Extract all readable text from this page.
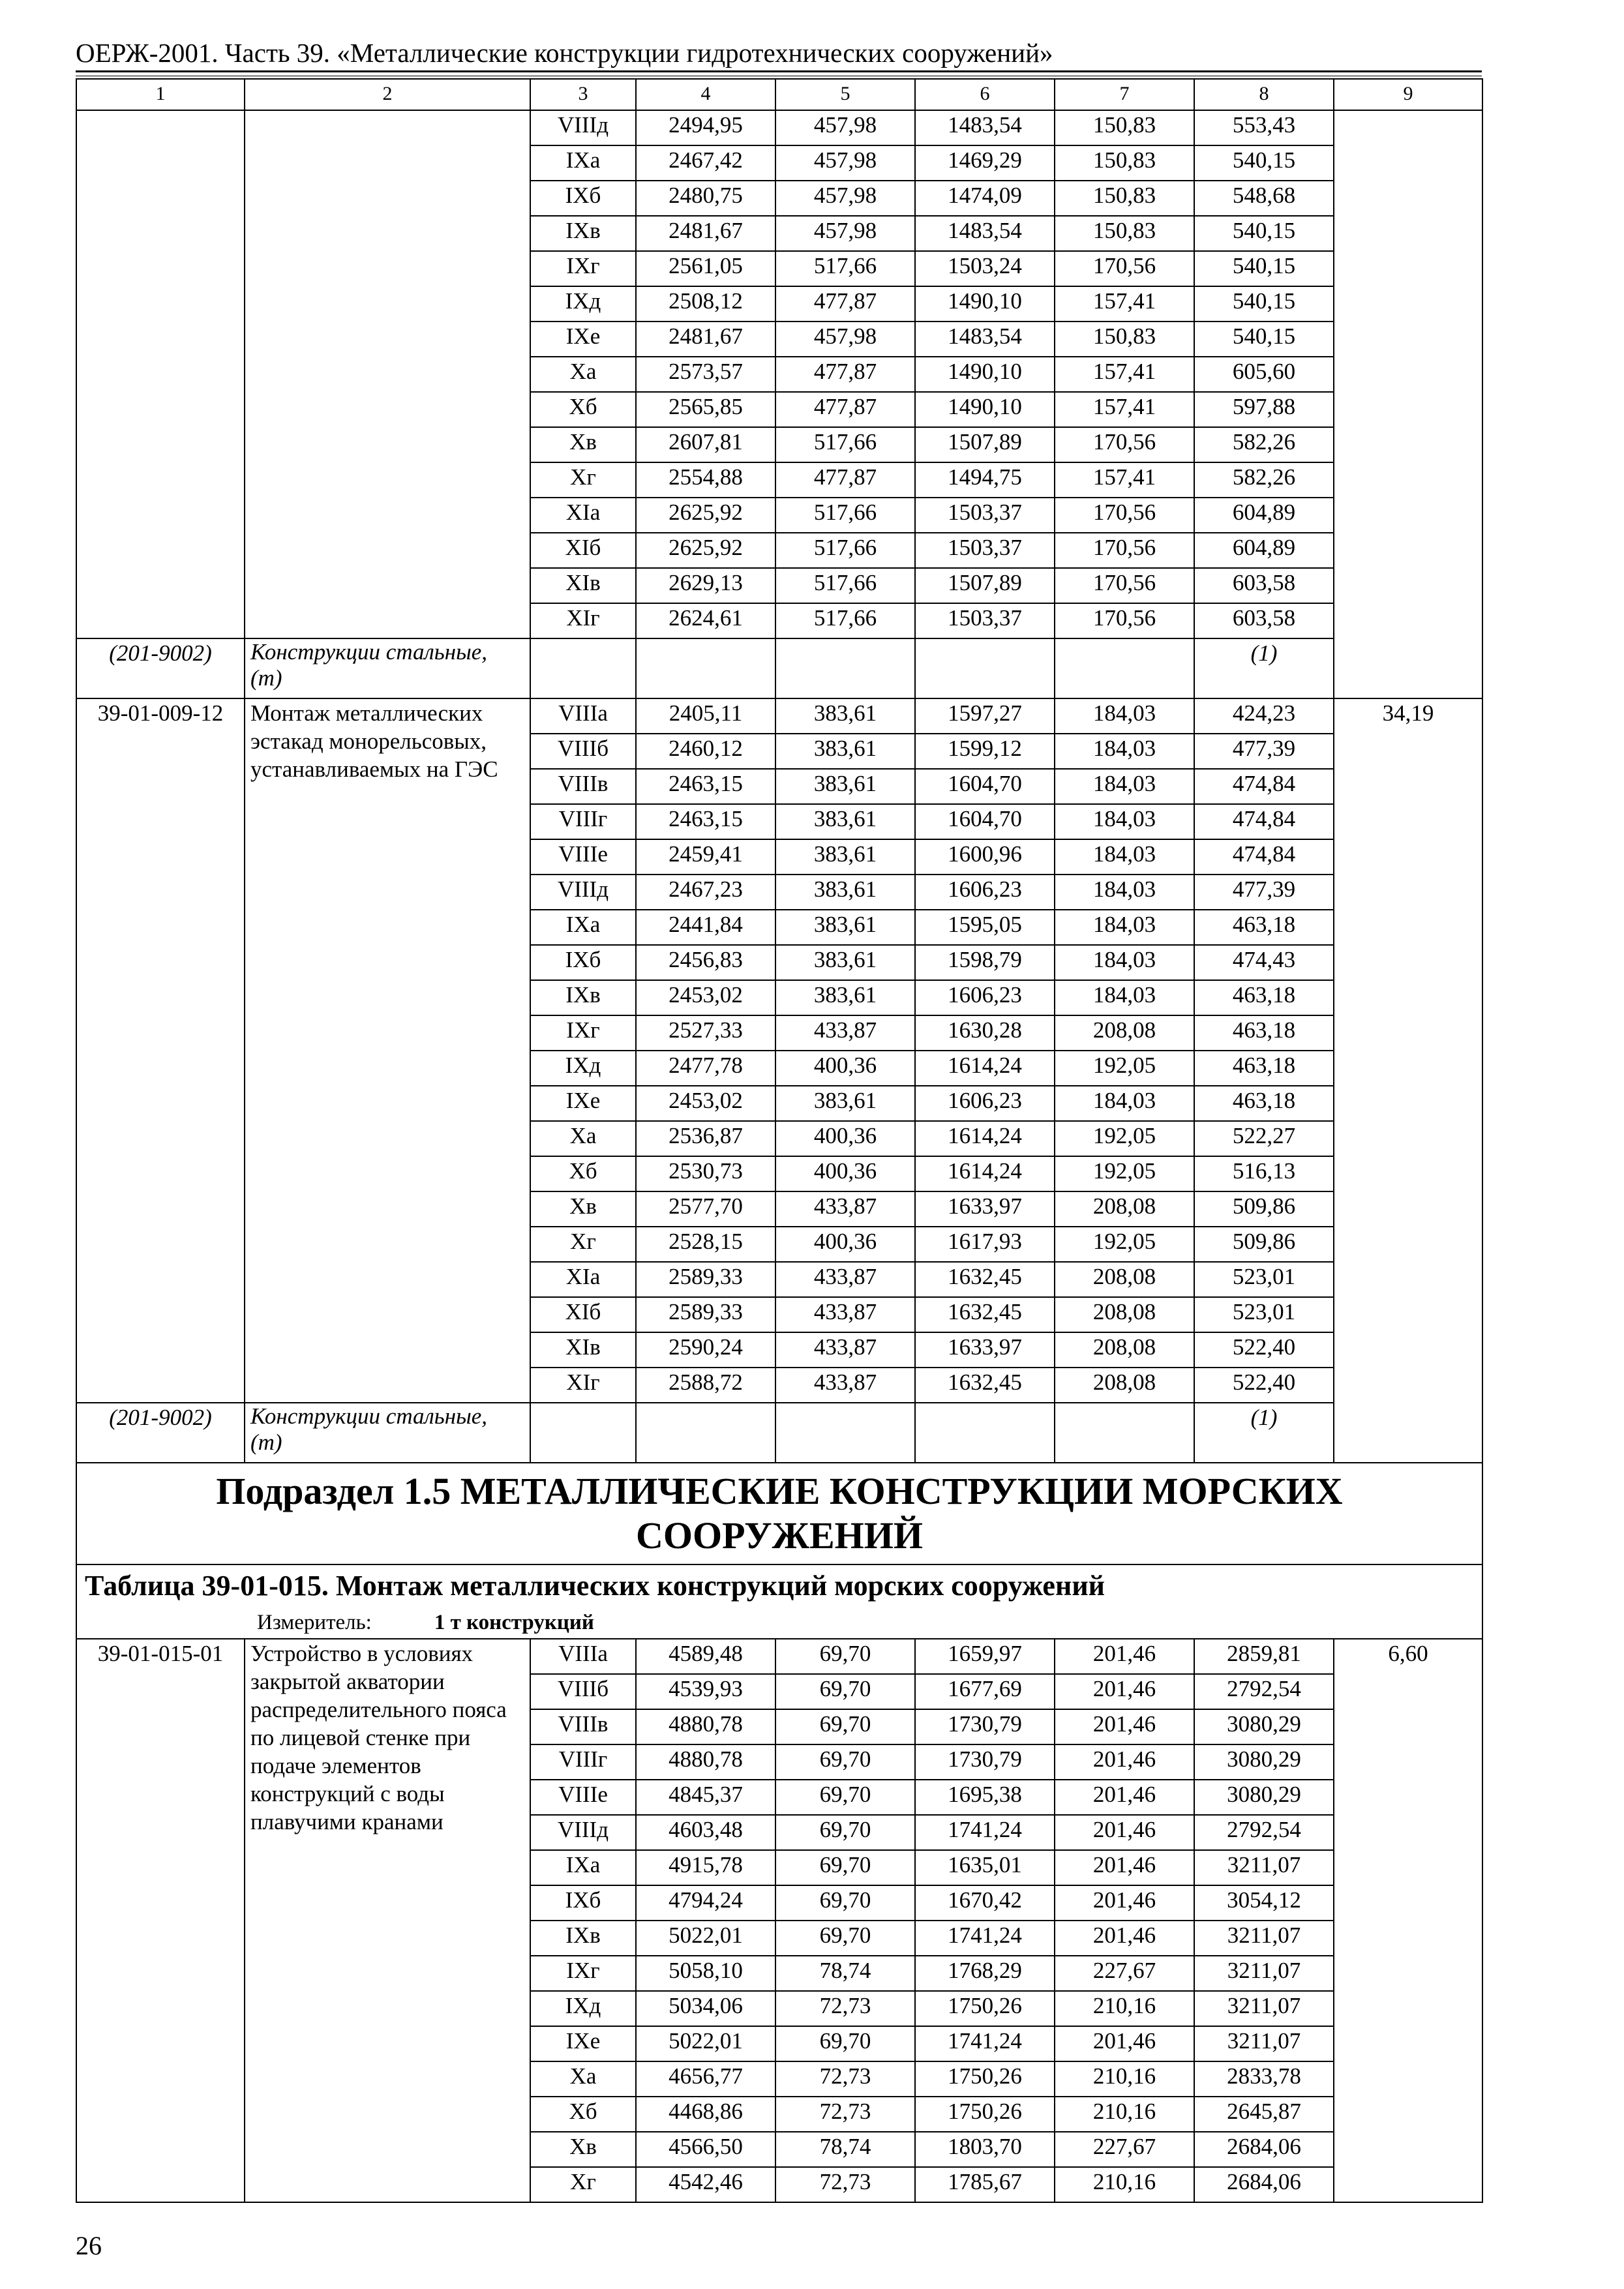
ОЕРЖ-2001. Часть 39. «Металлические конструкции гидротехнических сооружений»
1	2	3	4	5	6	7	8	9
		VIIIд	2494,95	457,98	1483,54	150,83	553,43	
		IXa	2467,42	457,98	1469,29	150,83	540,15	
		IXб	2480,75	457,98	1474,09	150,83	548,68	
		IXв	2481,67	457,98	1483,54	150,83	540,15	
		IXг	2561,05	517,66	1503,24	170,56	540,15	
		IXд	2508,12	477,87	1490,10	157,41	540,15	
		IXe	2481,67	457,98	1483,54	150,83	540,15	
		Xa	2573,57	477,87	1490,10	157,41	605,60	
		Xб	2565,85	477,87	1490,10	157,41	597,88	
		Xв	2607,81	517,66	1507,89	170,56	582,26	
		Xг	2554,88	477,87	1494,75	157,41	582,26	
		XIa	2625,92	517,66	1503,37	170,56	604,89	
		XIб	2625,92	517,66	1503,37	170,56	604,89	
		XIв	2629,13	517,66	1507,89	170,56	603,58	
		XIг	2624,61	517,66	1503,37	170,56	603,58	
(201-9002)	Конструкции стальные, (т)						(1)	
39-01-009-12	Монтаж металлических эстакад монорельсовых, устанавливаемых на ГЭС	VIIIa	2405,11	383,61	1597,27	184,03	424,23	34,19
		VIIIб	2460,12	383,61	1599,12	184,03	477,39	
		VIIIв	2463,15	383,61	1604,70	184,03	474,84	
		VIIIг	2463,15	383,61	1604,70	184,03	474,84	
		VIIIe	2459,41	383,61	1600,96	184,03	474,84	
		VIIIд	2467,23	383,61	1606,23	184,03	477,39	
		IXa	2441,84	383,61	1595,05	184,03	463,18	
		IXб	2456,83	383,61	1598,79	184,03	474,43	
		IXв	2453,02	383,61	1606,23	184,03	463,18	
		IXг	2527,33	433,87	1630,28	208,08	463,18	
		IXд	2477,78	400,36	1614,24	192,05	463,18	
		IXe	2453,02	383,61	1606,23	184,03	463,18	
		Xa	2536,87	400,36	1614,24	192,05	522,27	
		Xб	2530,73	400,36	1614,24	192,05	516,13	
		Xв	2577,70	433,87	1633,97	208,08	509,86	
		Xг	2528,15	400,36	1617,93	192,05	509,86	
		XIa	2589,33	433,87	1632,45	208,08	523,01	
		XIб	2589,33	433,87	1632,45	208,08	523,01	
		XIв	2590,24	433,87	1633,97	208,08	522,40	
		XIг	2588,72	433,87	1632,45	208,08	522,40	
(201-9002)	Конструкции стальные, (т)						(1)	
Подраздел 1.5 МЕТАЛЛИЧЕСКИЕ КОНСТРУКЦИИ МОРСКИХ СООРУЖЕНИЙ								
Таблица 39-01-015. Монтаж металлических конструкций морских сооружений								
Измеритель: 1 т конструкций								
39-01-015-01	Устройство в условиях закрытой акватории распределительного пояса по лицевой стенке при подаче элементов конструкций с воды плавучими кранами	VIIIa	4589,48	69,70	1659,97	201,46	2859,81	6,60
		VIIIб	4539,93	69,70	1677,69	201,46	2792,54	
		VIIIв	4880,78	69,70	1730,79	201,46	3080,29	
		VIIIг	4880,78	69,70	1730,79	201,46	3080,29	
		VIIIe	4845,37	69,70	1695,38	201,46	3080,29	
		VIIIд	4603,48	69,70	1741,24	201,46	2792,54	
		IXa	4915,78	69,70	1635,01	201,46	3211,07	
		IXб	4794,24	69,70	1670,42	201,46	3054,12	
		IXв	5022,01	69,70	1741,24	201,46	3211,07	
		IXг	5058,10	78,74	1768,29	227,67	3211,07	
		IXд	5034,06	72,73	1750,26	210,16	3211,07	
		IXe	5022,01	69,70	1741,24	201,46	3211,07	
		Xa	4656,77	72,73	1750,26	210,16	2833,78	
		Xб	4468,86	72,73	1750,26	210,16	2645,87	
		Xв	4566,50	78,74	1803,70	227,67	2684,06	
		Xг	4542,46	72,73	1785,67	210,16	2684,06	
26
